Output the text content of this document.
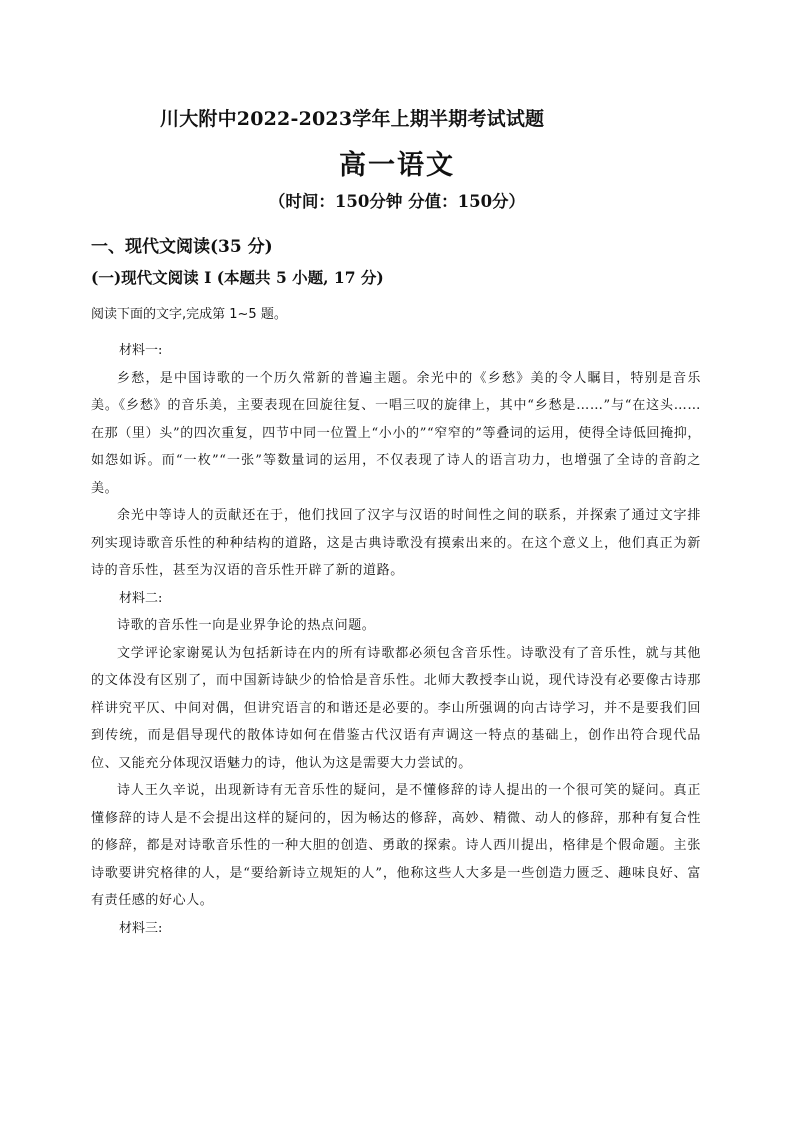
川大附中2022-2023学年上期半期考试试题
高一语文
（时间：150分钟 分值：150分）
一、现代文阅读(35 分)
(一)现代文阅读 I (本题共 5 小题, 17 分)
阅读下面的文字,完成第 1~5 题。

材料一:

乡愁，是中国诗歌的一个历久常新的普遍主题。余光中的《乡愁》美的令人瞩目，特别是音乐美。《乡愁》的音乐美，主要表现在回旋往复、一唱三叹的旋律上，其中“乡愁是……”与“在这头……在那（里）头”的四次重复，四节中同一位置上“小小的”“窄窄的”等叠词的运用，使得全诗低回掩抑，如怨如诉。而“一枚”“一张”等数量词的运用，不仅表现了诗人的语言功力，也增强了全诗的音韵之美。

余光中等诗人的贡献还在于，他们找回了汉字与汉语的时间性之间的联系，并探索了通过文字排列实现诗歌音乐性的种种结构的道路，这是古典诗歌没有摸索出来的。在这个意义上，他们真正为新诗的音乐性，甚至为汉语的音乐性开辟了新的道路。

材料二:

诗歌的音乐性一向是业界争论的热点问题。

文学评论家谢冕认为包括新诗在内的所有诗歌都必须包含音乐性。诗歌没有了音乐性，就与其他的文体没有区别了，而中国新诗缺少的恰恰是音乐性。北师大教授李山说，现代诗没有必要像古诗那样讲究平仄、中间对偶，但讲究语言的和谐还是必要的。李山所强调的向古诗学习，并不是要我们回到传统，而是倡导现代的散体诗如何在借鉴古代汉语有声调这一特点的基础上，创作出符合现代品位、又能充分体现汉语魅力的诗，他认为这是需要大力尝试的。

诗人王久辛说，出现新诗有无音乐性的疑问，是不懂修辞的诗人提出的一个很可笑的疑问。真正懂修辞的诗人是不会提出这样的疑问的，因为畅达的修辞，高妙、精微、动人的修辞，那种有复合性的修辞，都是对诗歌音乐性的一种大胆的创造、勇敢的探索。诗人西川提出，格律是个假命题。主张诗歌要讲究格律的人，是“要给新诗立规矩的人”，他称这些人大多是一些创造力匮乏、趣味良好、富有责任感的好心人。

材料三:
